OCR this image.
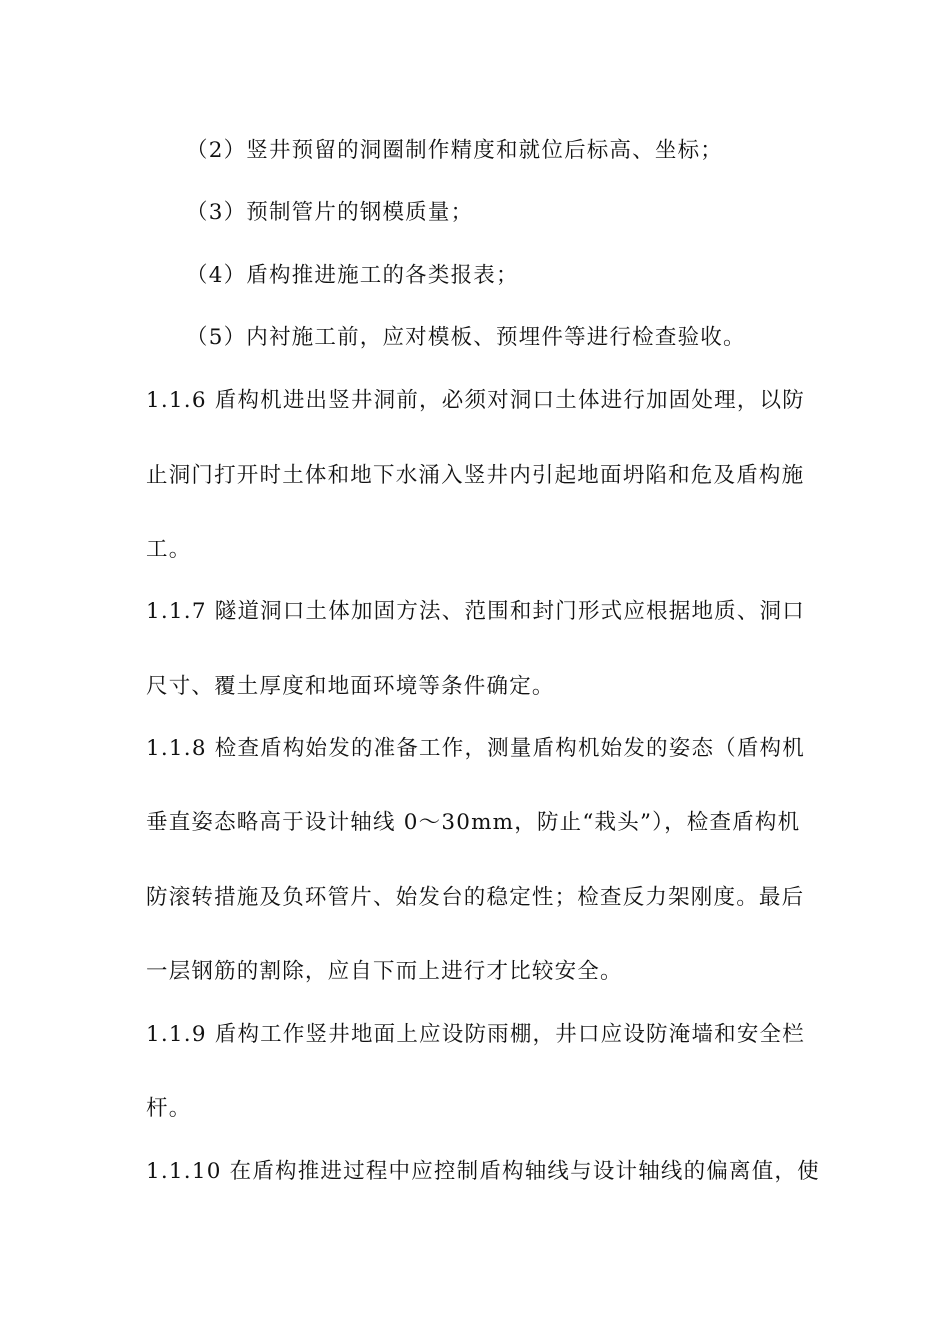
（2）竖井预留的洞圈制作精度和就位后标高、坐标；
（3）预制管片的钢模质量；
（4）盾构推进施工的各类报表；
（5）内衬施工前，应对模板、预埋件等进行检查验收。
1.1.6 盾构机进出竖井洞前，必须对洞口土体进行加固处理，以防
止洞门打开时土体和地下水涌入竖井内引起地面坍陷和危及盾构施
工。
1.1.7 隧道洞口土体加固方法、范围和封门形式应根据地质、洞口
尺寸、覆土厚度和地面环境等条件确定。
1.1.8 检查盾构始发的准备工作，测量盾构机始发的姿态（盾构机
垂直姿态略高于设计轴线 0～30mm，防止“栽头”），检查盾构机
防滚转措施及负环管片、始发台的稳定性；检查反力架刚度。最后
一层钢筋的割除，应自下而上进行才比较安全。
1.1.9 盾构工作竖井地面上应设防雨棚，井口应设防淹墙和安全栏
杆。
1.1.10 在盾构推进过程中应控制盾构轴线与设计轴线的偏离值，使
